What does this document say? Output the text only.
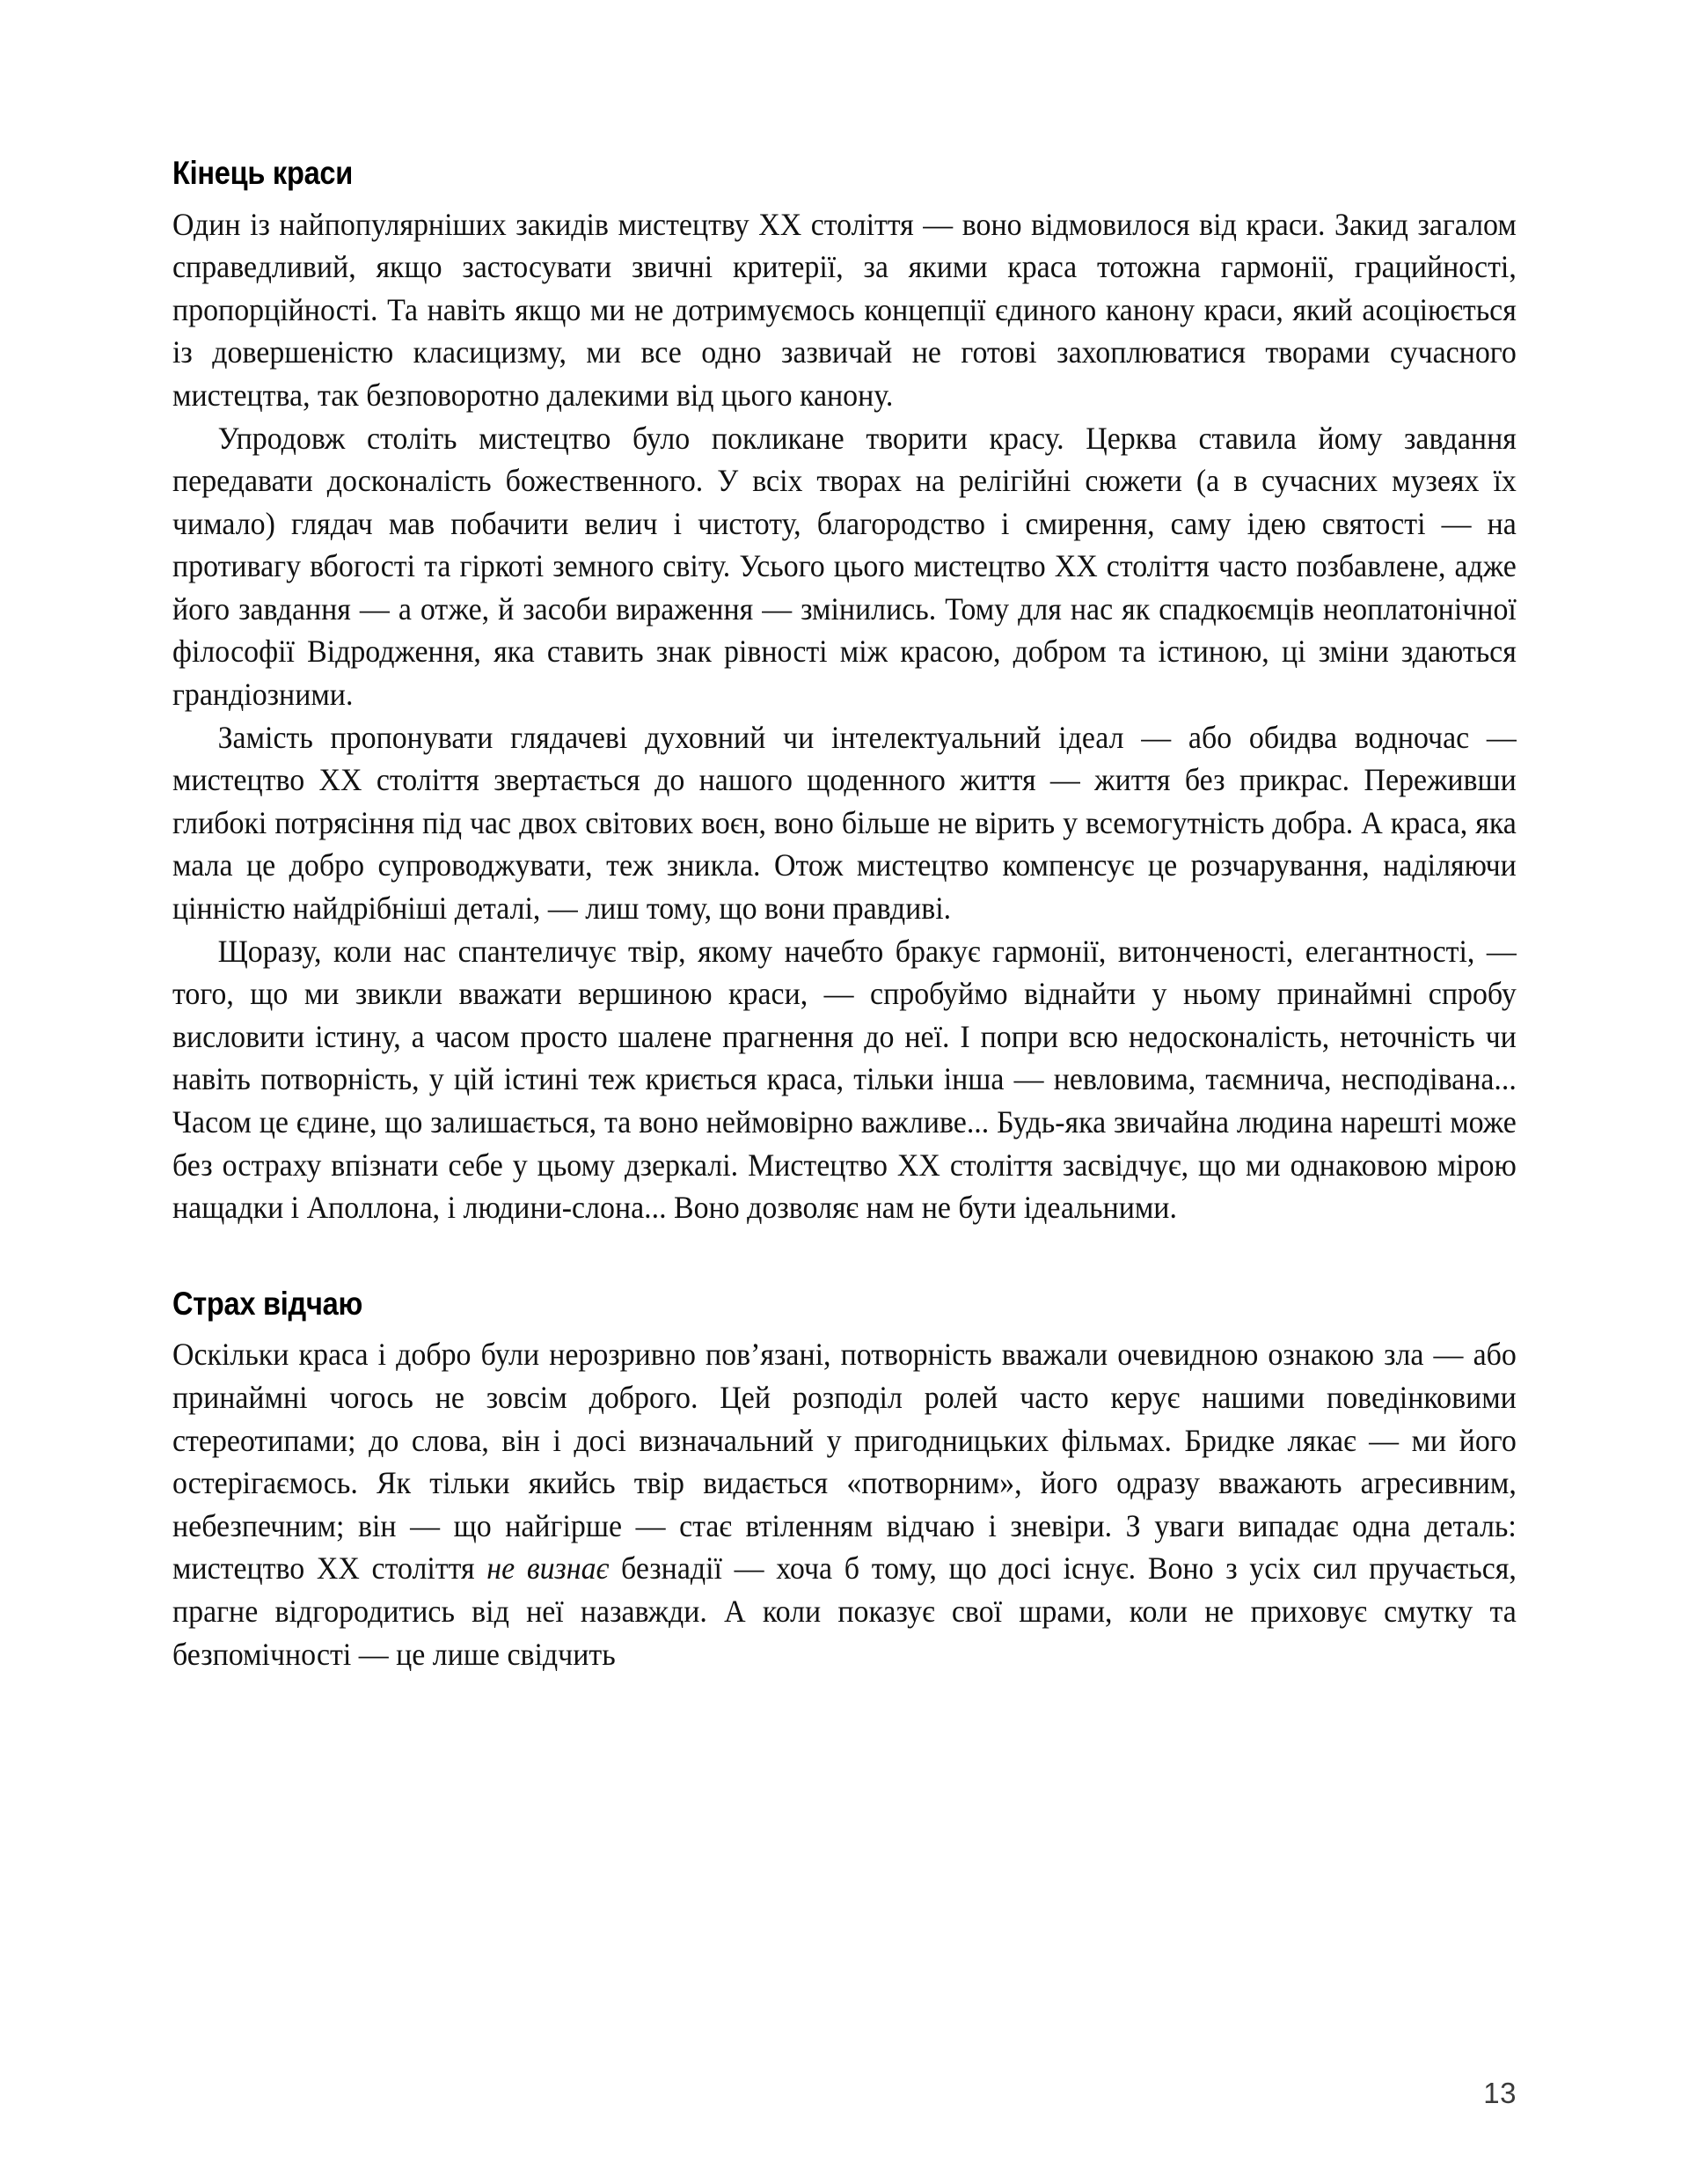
Кінець краси

Один із найпопулярніших закидів мистецтву XX століття — воно відмовилося від краси. Закид загалом справедливий, якщо застосувати звичні критерії, за якими краса тотожна гармонії, грацийності, пропорційності. Та навіть якщо ми не дотримуємось концепції єдиного канону краси, який асоціюється із довершеністю класицизму, ми все одно зазвичай не готові захоплюватися творами сучасного мистецтва, так безповоротно далекими від цього канону.

Упродовж століть мистецтво було покликане творити красу. Церква ставила йому завдання передавати досконалість божественного. У всіх творах на релігійні сюжети (а в сучасних музеях їх чимало) глядач мав побачити велич і чистоту, благородство і смирення, саму ідею святості — на противагу вбогості та гіркоті земного світу. Усього цього мистецтво XX століття часто позбавлене, адже його завдання — а отже, й засоби вираження — змінились. Тому для нас як спадкоємців неоплатонічної філософії Відродження, яка ставить знак рівності між красою, добром та істиною, ці зміни здаються грандіозними.

Замість пропонувати глядачеві духовний чи інтелектуальний ідеал — або обидва водночас — мистецтво XX століття звертається до нашого щоденного життя — життя без прикрас. Переживши глибокі потрясіння під час двох світових воєн, воно більше не вірить у всемогутність добра. А краса, яка мала це добро супроводжувати, теж зникла. Отож мистецтво компенсує це розчарування, наділяючи цінністю найдрібніші деталі, — лиш тому, що вони правдиві.

Щоразу, коли нас спантеличує твір, якому начебто бракує гармонії, витонченості, елегантності, — того, що ми звикли вважати вершиною краси, — спробуймо віднайти у ньому принаймні спробу висловити істину, а часом просто шалене прагнення до неї. І попри всю недосконалість, неточність чи навіть потворність, у цій істині теж криється краса, тільки інша — невловима, таємнича, несподівана... Часом це єдине, що залишається, та воно неймовірно важливе... Будь-яка звичайна людина нарешті може без остраху впізнати себе у цьому дзеркалі. Мистецтво XX століття засвідчує, що ми однаковою мірою нащадки і Аполлона, і людини-слона... Воно дозволяє нам не бути ідеальними.

Страх відчаю

Оскільки краса і добро були нерозривно пов’язані, потворність вважали очевидною ознакою зла — або принаймні чогось не зовсім доброго. Цей розподіл ролей часто керує нашими поведінковими стереотипами; до слова, він і досі визначальний у пригодницьких фільмах. Бридке лякає — ми його остерігаємось. Як тільки якийсь твір видається «потворним», його одразу вважають агресивним, небезпечним; він — що найгірше — стає втіленням відчаю і зневіри. З уваги випадає одна деталь: мистецтво XX століття не визнає безнадії — хоча б тому, що досі існує. Воно з усіх сил пручається, прагне відгородитись від неї назавжди. А коли показує свої шрами, коли не приховує смутку та безпомічності — це лише свідчить

13
